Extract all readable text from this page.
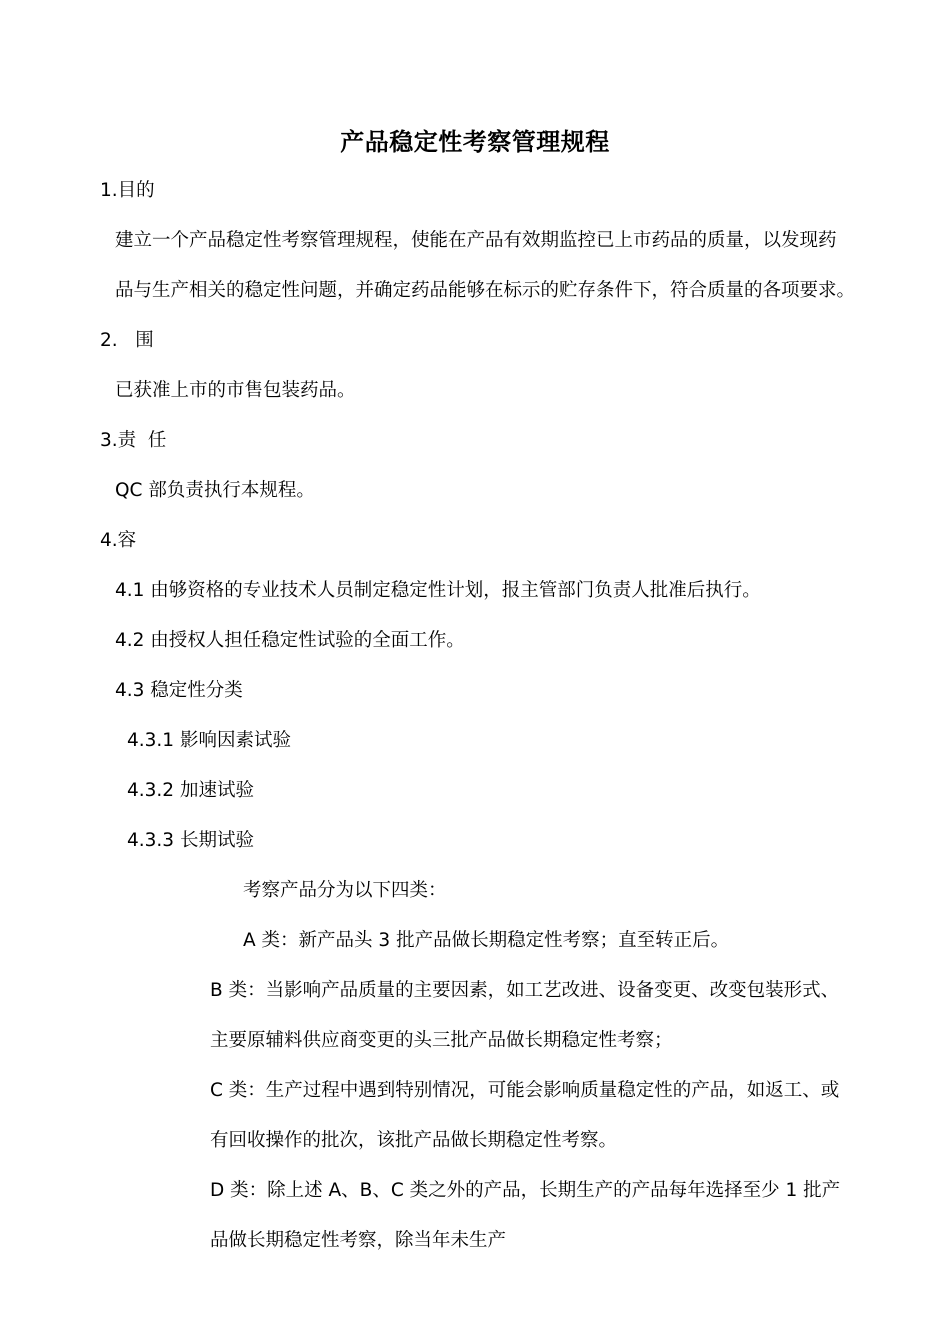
产品稳定性考察管理规程
1.目的
建立一个产品稳定性考察管理规程，使能在产品有效期监控已上市药品的质量，以发现药
品与生产相关的稳定性问题，并确定药品能够在标示的贮存条件下，符合质量的各项要求。
2.   围
已获准上市的市售包装药品。
3.责  任
QC 部负责执行本规程。
4.容
4.1 由够资格的专业技术人员制定稳定性计划，报主管部门负责人批准后执行。
4.2 由授权人担任稳定性试验的全面工作。
4.3 稳定性分类
4.3.1 影响因素试验
4.3.2 加速试验
4.3.3 长期试验
考察产品分为以下四类：
A 类：新产品头 3 批产品做长期稳定性考察；直至转正后。
B 类：当影响产品质量的主要因素，如工艺改进、设备变更、改变包装形式、
主要原辅料供应商变更的头三批产品做长期稳定性考察；
C 类：生产过程中遇到特别情况，可能会影响质量稳定性的产品，如返工、或
有回收操作的批次，该批产品做长期稳定性考察。
D 类：除上述 A、B、C 类之外的产品，长期生产的产品每年选择至少 1 批产
品做长期稳定性考察，除当年未生产
